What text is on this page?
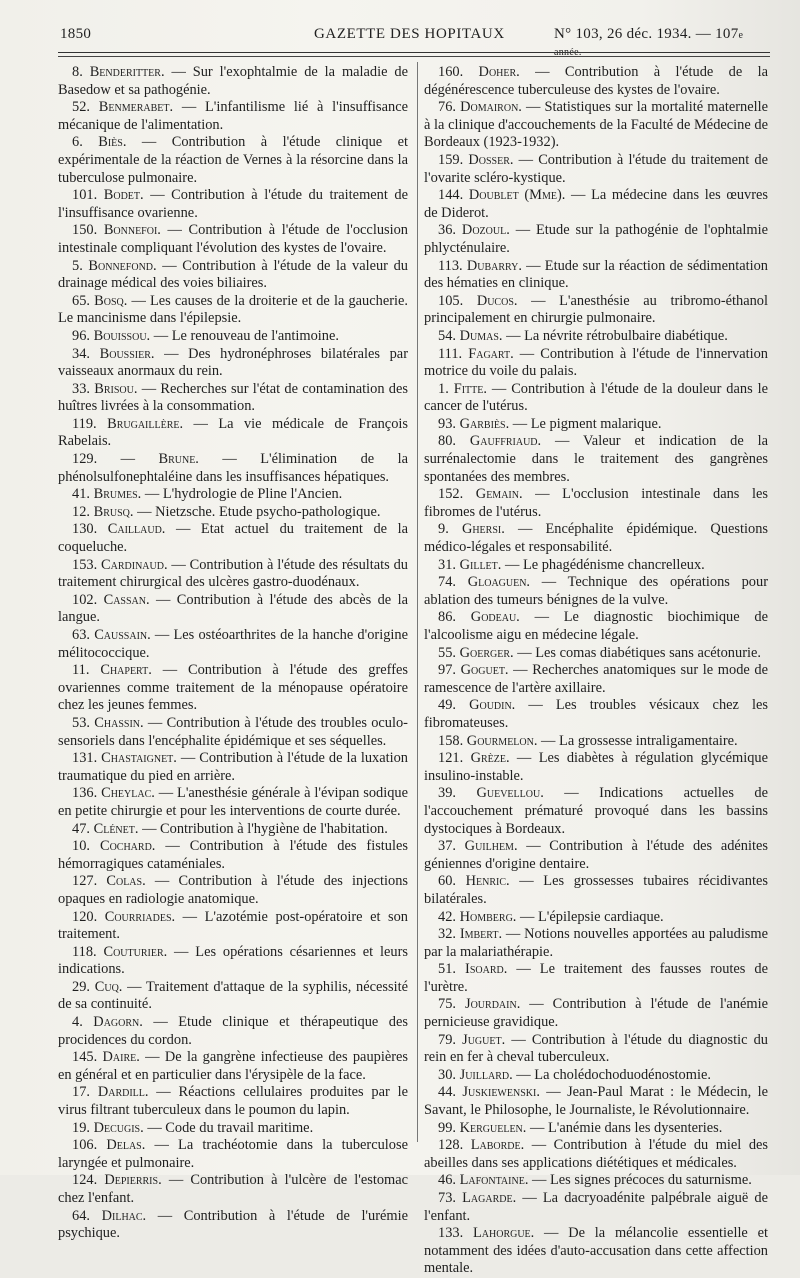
1850	GAZETTE DES HOPITAUX	N° 103, 26 déc. 1934. — 107e année.

8. Benderitter. — Sur l'exophtalmie de la maladie de Basedow et sa pathogénie.

52. Benmerabet. — L'infantilisme lié à l'insuffisance mécanique de l'alimentation.

6. Biès. — Contribution à l'étude clinique et expérimentale de la réaction de Vernes à la résorcine dans la tuberculose pulmonaire.

101. Bodet. — Contribution à l'étude du traitement de l'insuffisance ovarienne.

150. Bonnefoi. — Contribution à l'étude de l'occlusion intestinale compliquant l'évolution des kystes de l'ovaire.

5. Bonnefond. — Contribution à l'étude de la valeur du drainage médical des voies biliaires.

65. Bosq. — Les causes de la droiterie et de la gaucherie. Le mancinisme dans l'épilepsie.

96. Bouissou. — Le renouveau de l'antimoine.

34. Boussier. — Des hydronéphroses bilatérales par vaisseaux anormaux du rein.

33. Brisou. — Recherches sur l'état de contamination des huîtres livrées à la consommation.

119. Brugaillère. — La vie médicale de François Rabelais.

129. — Brune. — L'élimination de la phénolsulfonephtaléine dans les insuffisances hépatiques.

41. Brumes. — L'hydrologie de Pline l'Ancien.

12. Brusq. — Nietzsche. Etude psycho-pathologique.

130. Caillaud. — Etat actuel du traitement de la coqueluche.

153. Cardinaud. — Contribution à l'étude des résultats du traitement chirurgical des ulcères gastro-duodénaux.

102. Cassan. — Contribution à l'étude des abcès de la langue.

63. Caussain. — Les ostéoarthrites de la hanche d'origine mélitococcique.

11. Chapert. — Contribution à l'étude des greffes ovariennes comme traitement de la ménopause opératoire chez les jeunes femmes.

53. Chassin. — Contribution à l'étude des troubles oculo-sensoriels dans l'encéphalite épidémique et ses séquelles.

131. Chastaignet. — Contribution à l'étude de la luxation traumatique du pied en arrière.

136. Cheylac. — L'anesthésie générale à l'évipan sodique en petite chirurgie et pour les interventions de courte durée.

47. Clénet. — Contribution à l'hygiène de l'habitation.

10. Cochard. — Contribution à l'étude des fistules hémorragiques cataméniales.

127. Colas. — Contribution à l'étude des injections opaques en radiologie anatomique.

120. Courriades. — L'azotémie post-opératoire et son traitement.

118. Couturier. — Les opérations césariennes et leurs indications.

29. Cuq. — Traitement d'attaque de la syphilis, nécessité de sa continuité.

4. Dagorn. — Etude clinique et thérapeutique des procidences du cordon.

145. Daire. — De la gangrène infectieuse des paupières en général et en particulier dans l'érysipèle de la face.

17. Dardill. — Réactions cellulaires produites par le virus filtrant tuberculeux dans le poumon du lapin.

19. Decugis. — Code du travail maritime.

106. Delas. — La trachéotomie dans la tuberculose laryngée et pulmonaire.

124. Depierris. — Contribution à l'ulcère de l'estomac chez l'enfant.

64. Dilhac. — Contribution à l'étude de l'urémie psychique.

160. Doher. — Contribution à l'étude de la dégénérescence tuberculeuse des kystes de l'ovaire.

76. Domairon. — Statistiques sur la mortalité maternelle à la clinique d'accouchements de la Faculté de Médecine de Bordeaux (1923-1932).

159. Dosser. — Contribution à l'étude du traitement de l'ovarite scléro-kystique.

144. Doublet (Mme). — La médecine dans les œuvres de Diderot.

36. Dozoul. — Etude sur la pathogénie de l'ophtalmie phlycténulaire.

113. Dubarry. — Etude sur la réaction de sédimentation des hématies en clinique.

105. Ducos. — L'anesthésie au tribromo-éthanol principalement en chirurgie pulmonaire.

54. Dumas. — La névrite rétrobulbaire diabétique.

111. Fagart. — Contribution à l'étude de l'innervation motrice du voile du palais.

1. Fitte. — Contribution à l'étude de la douleur dans le cancer de l'utérus.

93. Garbiès. — Le pigment malarique.

80. Gauffriaud. — Valeur et indication de la surrénalectomie dans le traitement des gangrènes spontanées des membres.

152. Gemain. — L'occlusion intestinale dans les fibromes de l'utérus.

9. Ghersi. — Encéphalite épidémique. Questions médico-légales et responsabilité.

31. Gillet. — Le phagédénisme chancrelleux.

74. Gloaguen. — Technique des opérations pour ablation des tumeurs bénignes de la vulve.

86. Godeau. — Le diagnostic biochimique de l'alcoolisme aigu en médecine légale.

55. Goerger. — Les comas diabétiques sans acétonurie.

97. Goguet. — Recherches anatomiques sur le mode de ramescence de l'artère axillaire.

49. Goudin. — Les troubles vésicaux chez les fibromateuses.

158. Gourmelon. — La grossesse intraligamentaire.

121. Grèze. — Les diabètes à régulation glycémique insulino-instable.

39. Guevellou. — Indications actuelles de l'accouchement prématuré provoqué dans les bassins dystociques à Bordeaux.

37. Guilhem. — Contribution à l'étude des adénites géniennes d'origine dentaire.

60. Henric. — Les grossesses tubaires récidivantes bilatérales.

42. Homberg. — L'épilepsie cardiaque.

32. Imbert. — Notions nouvelles apportées au paludisme par la malariathérapie.

51. Isoard. — Le traitement des fausses routes de l'urètre.

75. Jourdain. — Contribution à l'étude de l'anémie pernicieuse gravidique.

79. Juguet. — Contribution à l'étude du diagnostic du rein en fer à cheval tuberculeux.

30. Juillard. — La cholédochoduodénostomie.

44. Juskiewenski. — Jean-Paul Marat : le Médecin, le Savant, le Philosophe, le Journaliste, le Révolutionnaire.

99. Kerguelen. — L'anémie dans les dysenteries.

128. Laborde. — Contribution à l'étude du miel des abeilles dans ses applications diététiques et médicales.

46. Lafontaine. — Les signes précoces du saturnisme.

73. Lagarde. — La dacryoadénite palpébrale aiguë de l'enfant.

133. Lahorgue. — De la mélancolie essentielle et notamment des idées d'auto-accusation dans cette affection mentale.
